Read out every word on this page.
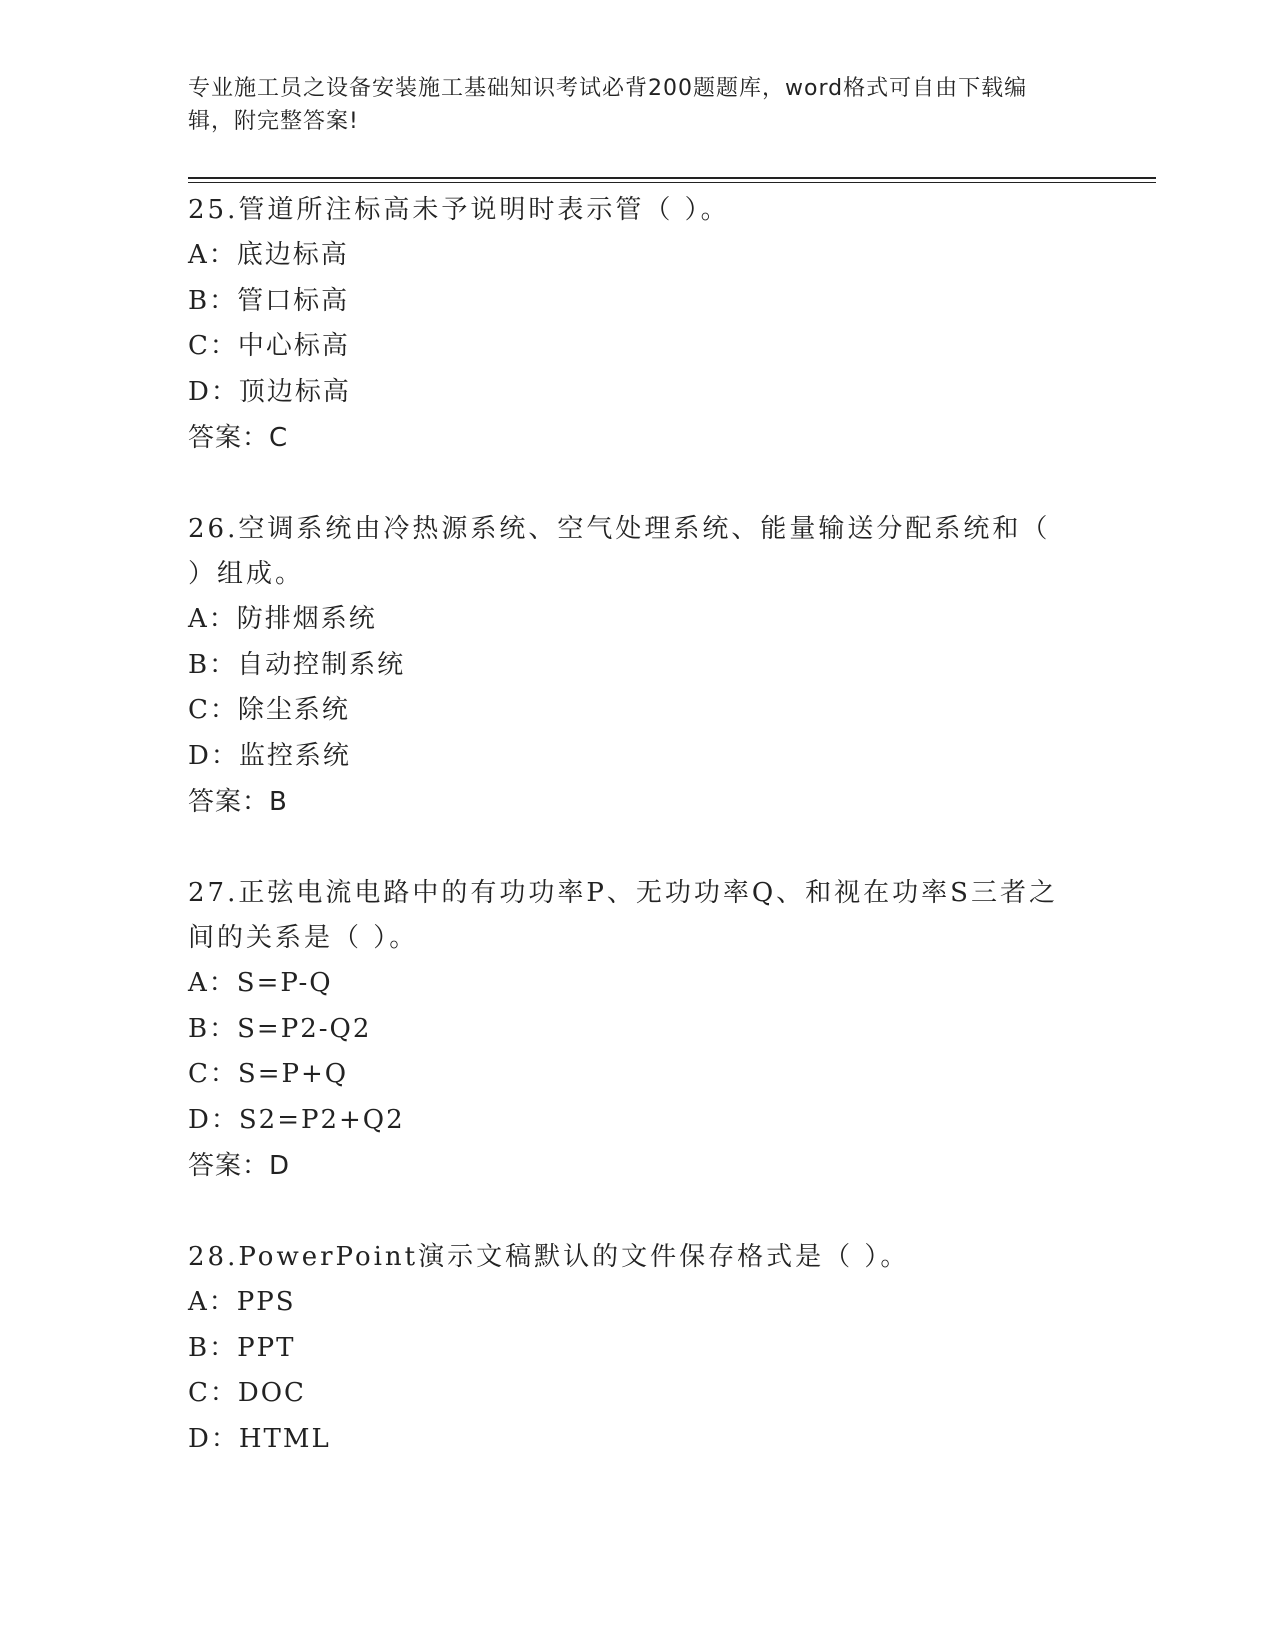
专业施工员之设备安装施工基础知识考试必背200题题库，word格式可自由下载编辑，附完整答案!

25.管道所注标高未予说明时表示管（ ）。

A：底边标高

B：管口标高

C：中心标高

D：顶边标高

答案：C

26.空调系统由冷热源系统、空气处理系统、能量输送分配系统和（ ）组成。

A：防排烟系统

B：自动控制系统

C：除尘系统

D：监控系统

答案：B

27.正弦电流电路中的有功功率P、无功功率Q、和视在功率S三者之间的关系是（ ）。

A：S=P-Q

B：S=P2-Q2

C：S=P+Q

D：S2=P2+Q2

答案：D

28.PowerPoint演示文稿默认的文件保存格式是（ ）。

A：PPS

B：PPT

C：DOC

D：HTML
